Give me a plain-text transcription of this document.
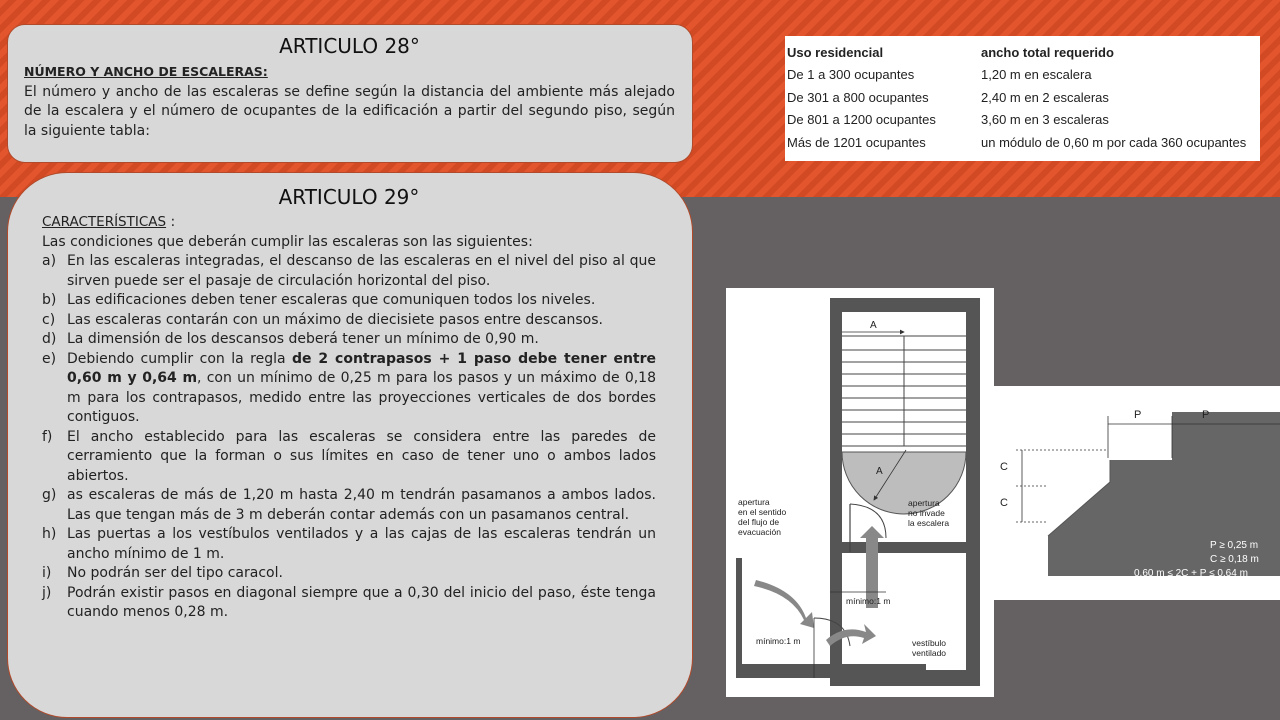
ARTICULO 28°
NÚMERO Y ANCHO DE ESCALERAS:
El número y ancho de las escaleras se define según la distancia del ambiente más alejado de la escalera y el número de ocupantes de la edificación a partir del segundo piso, según la siguiente tabla:
Uso residencial	ancho total requerido
De 1 a 300 ocupantes	1,20 m en escalera
De 301 a 800 ocupantes	2,40 m en 2 escaleras
De 801 a 1200 ocupantes	3,60 m en 3 escaleras
Más de 1201 ocupantes	un módulo de 0,60 m por cada 360 ocupantes
ARTICULO 29°
CARACTERÍSTICAS :
Las condiciones que deberán cumplir las escaleras son las siguientes:
a) En las escaleras integradas, el descanso de las escaleras en el nivel del piso al que sirven puede ser el pasaje de circulación horizontal del piso.
b) Las edificaciones deben tener escaleras que comuniquen todos los niveles.
c) Las escaleras contarán con un máximo de diecisiete pasos entre descansos.
d) La dimensión de los descansos deberá tener un mínimo de 0,90 m.
e) Debiendo cumplir con la regla de 2 contrapasos + 1 paso debe tener entre 0,60 m y 0,64 m, con un mínimo de 0,25 m para los pasos y un máximo de 0,18 m para los contrapasos, medido entre las proyecciones verticales de dos bordes contiguos.
f)	El ancho establecido para las escaleras se considera entre las paredes de cerramiento que la forman o sus límites en caso de tener uno o ambos lados abiertos.
g) as escaleras de más de 1,20 m hasta 2,40 m tendrán pasamanos a ambos lados. Las que tengan más de 3 m deberán contar además con un pasamanos central.
h) Las puertas a los vestíbulos ventilados y a las cajas de las escaleras tendrán un ancho mínimo de 1 m.
i)	No podrán ser del tipo caracol.
j)	Podrán existir pasos en diagonal siempre que a 0,30 del inicio del paso, éste tenga cuando menos 0,28 m.
A
A
apertura en el sentido del flujo de evacuación
apertura no invade la escalera
mínimo:1 m
mínimo:1 m	vestíbulo ventilado
P	P
C
C
P ≥ 0,25 m
C ≥ 0,18 m
0,60 m ≤ 2C + P ≤ 0,64 m
